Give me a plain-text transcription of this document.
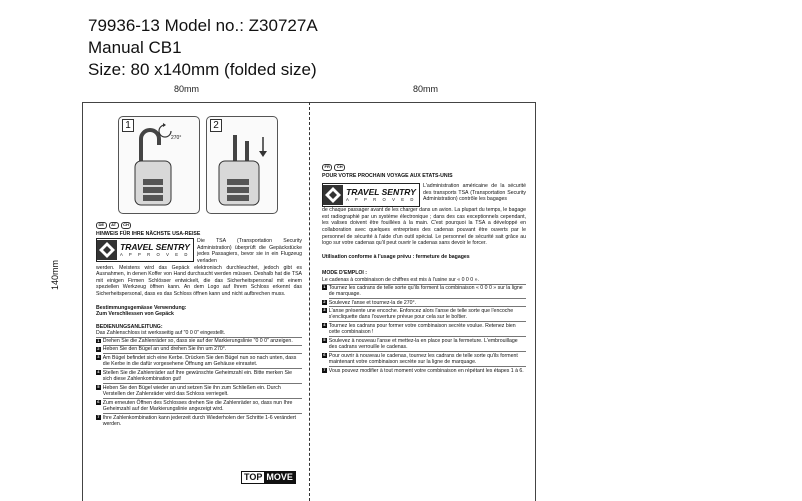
79936-13 Model no.: Z30727A
Manual CB1
Size: 80 x140mm (folded size)
80mm	80mm
140mm
1
270°
2
DE	AT	CH
HINWEIS FÜR IHRE NÄCHSTE USA-REISE
TRAVEL SENTRY
A P P R O V E D
Die TSA (Transportation Security Administration) überprüft die Gepäckstücke jedes Passagiers, bevor sie in ein Flugzeug verladen
werden. Meistens wird das Gepäck elektronisch durchleuchtet, jedoch gibt es Ausnahmen, in denen Koffer von Hand durchsucht werden müssen. Deshalb hat die TSA mit einigen Firmen Schlösser entwickelt, die das Sicherheitspersonal mit einem speziellen Werkzeug öffnen kann. An dem Logo auf Ihrem Schloss erkennt das Sicherheitspersonal, dass es das Schloss öffnen kann und nicht aufbrechen muss.
Bestimmungsgemässe Verwendung:
Zum Verschliessen von Gepäck
BEDIENUNGSANLEITUNG:
Das Zahlenschloss ist werksseitig auf "0 0 0" eingestellt.
1 Drehen Sie die Zahlenräder so, dass sie auf der Markierungslinie "0 0 0" anzeigen.
2 Heben Sie den Bügel an und drehen Sie ihn um 270°.
3 Am Bügel befindet sich eine Kerbe. Drücken Sie den Bügel nun so nach unten, dass die Kerbe in die dafür vorgesehene Öffnung am Gehäuse einrastet.
4 Stellen Sie die Zahlenräder auf Ihre gewünschte Geheimzahl ein. Bitte merken Sie sich diese Zahlenkombination gut!
5 Heben Sie den Bügel wieder an und setzen Sie ihn zum Schließen ein. Durch Verstellen der Zahlenräder wird das Schloss verriegelt.
6 Zum erneuten Öffnen des Schlosses drehen Sie die Zahlenräder so, dass nun Ihre Geheimzahl auf der Markierungslinie angezeigt wird.
7 Ihre Zahlenkombination kann jederzeit durch Wiederholen der Schritte 1-6 verändert werden.
TOP MOVE
FR	CH
POUR VOTRE PROCHAIN VOYAGE AUX ETATS-UNIS
TRAVEL SENTRY
A P P R O V E D
L'administration américaine de la sécurité des transports TSA (Transportation Security Administration) contrôle les bagages
de chaque passager avant de les charger dans un avion. La plupart du temps, le bagage est radiographié par un système électronique ; dans des cas exceptionnels cependant, les valises doivent être fouillées à la main. C'est pourquoi la TSA a développé en collaboration avec quelques entreprises des cadenas pouvant être ouverts par le personnel de sécurité à l'aide d'un outil spécial. Le personnel de sécurité sait grâce au logo sur votre cadenas qu'il peut ouvrir le cadenas sans devoir le forcer.
Utilisation conforme à l'usage prévu : fermeture de bagages
MODE D'EMPLOI :
Le cadenas à combinaison de chiffres est mis à l'usine sur « 0 0 0 ».
1 Tournez les cadrans de telle sorte qu'ils forment la combinaison « 0 0 0 » sur la ligne de marquage.
2 Soulevez l'anse et tournez-la de 270°.
3 L'anse présente une encoche. Enfoncez alors l'anse de telle sorte que l'encoche s'encliquette dans l'ouverture prévue pour cela sur le boîtier.
4 Tournez les cadrans pour former votre combinaison secrète voulue. Retenez bien cette combinaison !
5 Soulevez à nouveau l'anse et mettez-la en place pour la fermeture. L'embrouillage des cadrans verrouille le cadenas.
6 Pour ouvrir à nouveau le cadenas, tournez les cadrans de telle sorte qu'ils forment maintenant votre combinaison secrète sur la ligne de marquage.
7 Vous pouvez modifier à tout moment votre combinaison en répétant les étapes 1 à 6.
